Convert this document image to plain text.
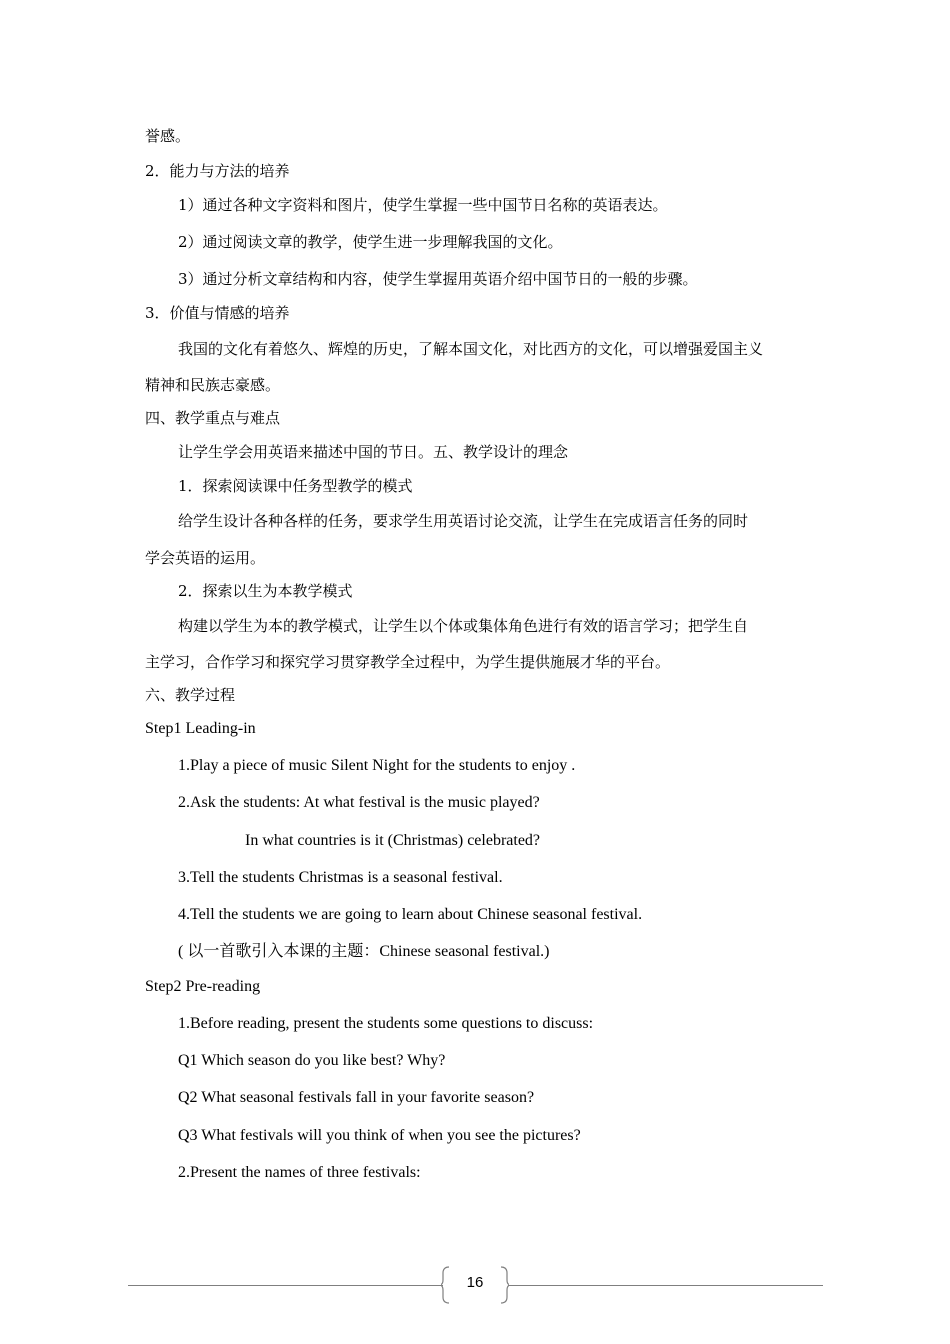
誉感。
2．能力与方法的培养
1）通过各种文字资料和图片，使学生掌握一些中国节日名称的英语表达。
2）通过阅读文章的教学，使学生进一步理解我国的文化。
3）通过分析文章结构和内容，使学生掌握用英语介绍中国节日的一般的步骤。
3．价值与情感的培养
我国的文化有着悠久、辉煌的历史，了解本国文化，对比西方的文化，可以增强爱国主义
精神和民族志豪感。
四、教学重点与难点
让学生学会用英语来描述中国的节日。五、教学设计的理念
1．探索阅读课中任务型教学的模式
给学生设计各种各样的任务，要求学生用英语讨论交流，让学生在完成语言任务的同时
学会英语的运用。
2．探索以生为本教学模式
构建以学生为本的教学模式，让学生以个体或集体角色进行有效的语言学习；把学生自
主学习，合作学习和探究学习贯穿教学全过程中，为学生提供施展才华的平台。
六、教学过程
Step1 Leading-in
1.Play a piece of music Silent Night for the students to enjoy .
2.Ask the students: At what festival is the music played?
In what countries is it (Christmas) celebrated?
3.Tell the students Christmas is a seasonal festival.
4.Tell the students we are going to learn about Chinese seasonal festival.
( 以一首歌引入本课的主题：Chinese seasonal festival.)
Step2 Pre-reading
1.Before reading, present the students some questions to discuss:
Q1 Which season do you like best? Why?
Q2 What seasonal festivals fall in your favorite season?
Q3 What festivals will you think of when you see the pictures?
2.Present the names of three festivals:
16
